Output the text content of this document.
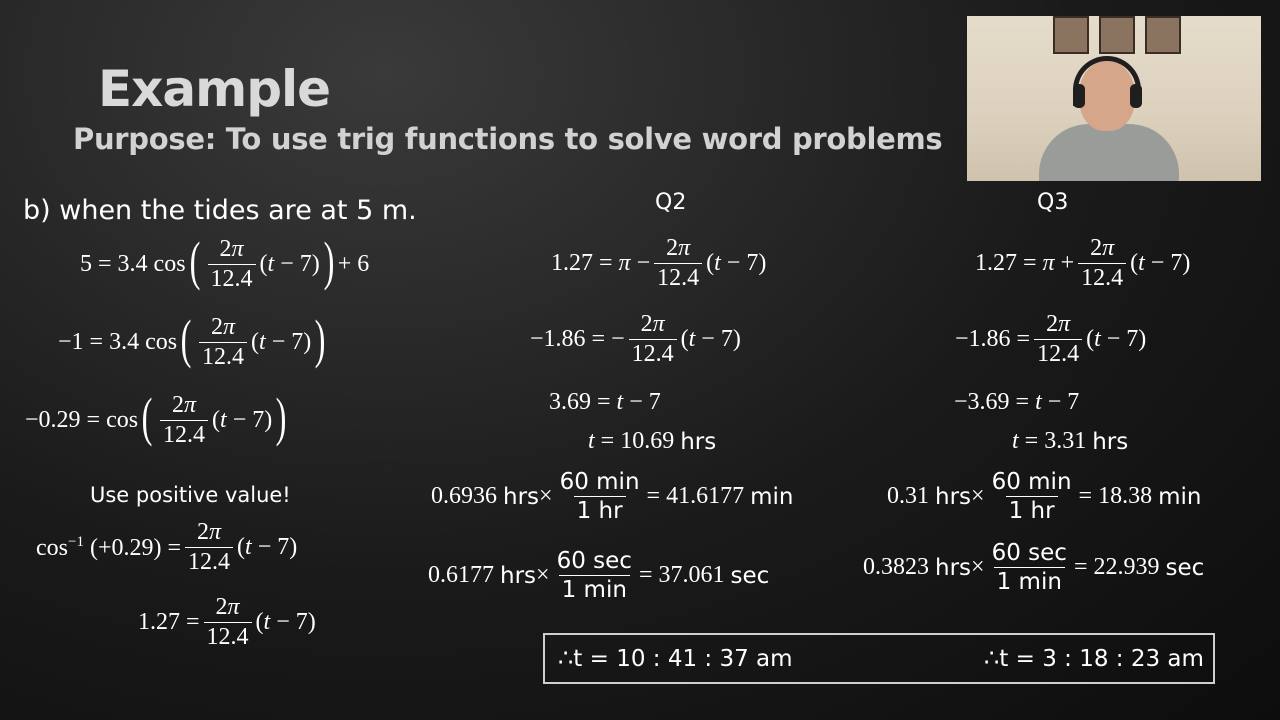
Example
Purpose: To use trig functions to solve word problems
b) when the tides are at 5 m.	Q2	Q3
5 = 3.4 cos ( $\frac{2\pi}{12.4} (t - 7)$ ) + 6
−1 = 3.4 cos ( $\frac{2\pi}{12.4} (t - 7)$ )
−0.29 = cos ( $\frac{2\pi}{12.4} (t - 7)$ )
Use positive value!
$\cos^{-1} (+0.29) = \frac{2\pi}{12.4} (t - 7)$
$1.27 = \frac{2\pi}{12.4} (t - 7)$
$1.27 = \pi - \frac{2\pi}{12.4} (t - 7)$
−1.86 = − $\frac{2\pi}{12.4} (t - 7)$
3.69 = t − 7
t = 10.69 hrs
0.6936 hrs × $\frac{60 \min}{1 hr} = 41.6177$ min
0.6177 hrs × $\frac{60 \sec}{1 \min} = 37.061$ sec
$1.27 = \pi + \frac{2\pi}{12.4} (t - 7)$
$-1.86 = \frac{2\pi}{12.4} (t - 7)$
−3.69 = t − 7
t = 3.31 hrs
0.31 hrs × $\frac{60 \min}{1 hr} = 18.38$ min
0.3823 hrs × $\frac{60 \sec}{1 \min} = 22.939$ sec
∴ t = 10 : 41 : 37 am	∴ t = 3 : 18 : 23 am
